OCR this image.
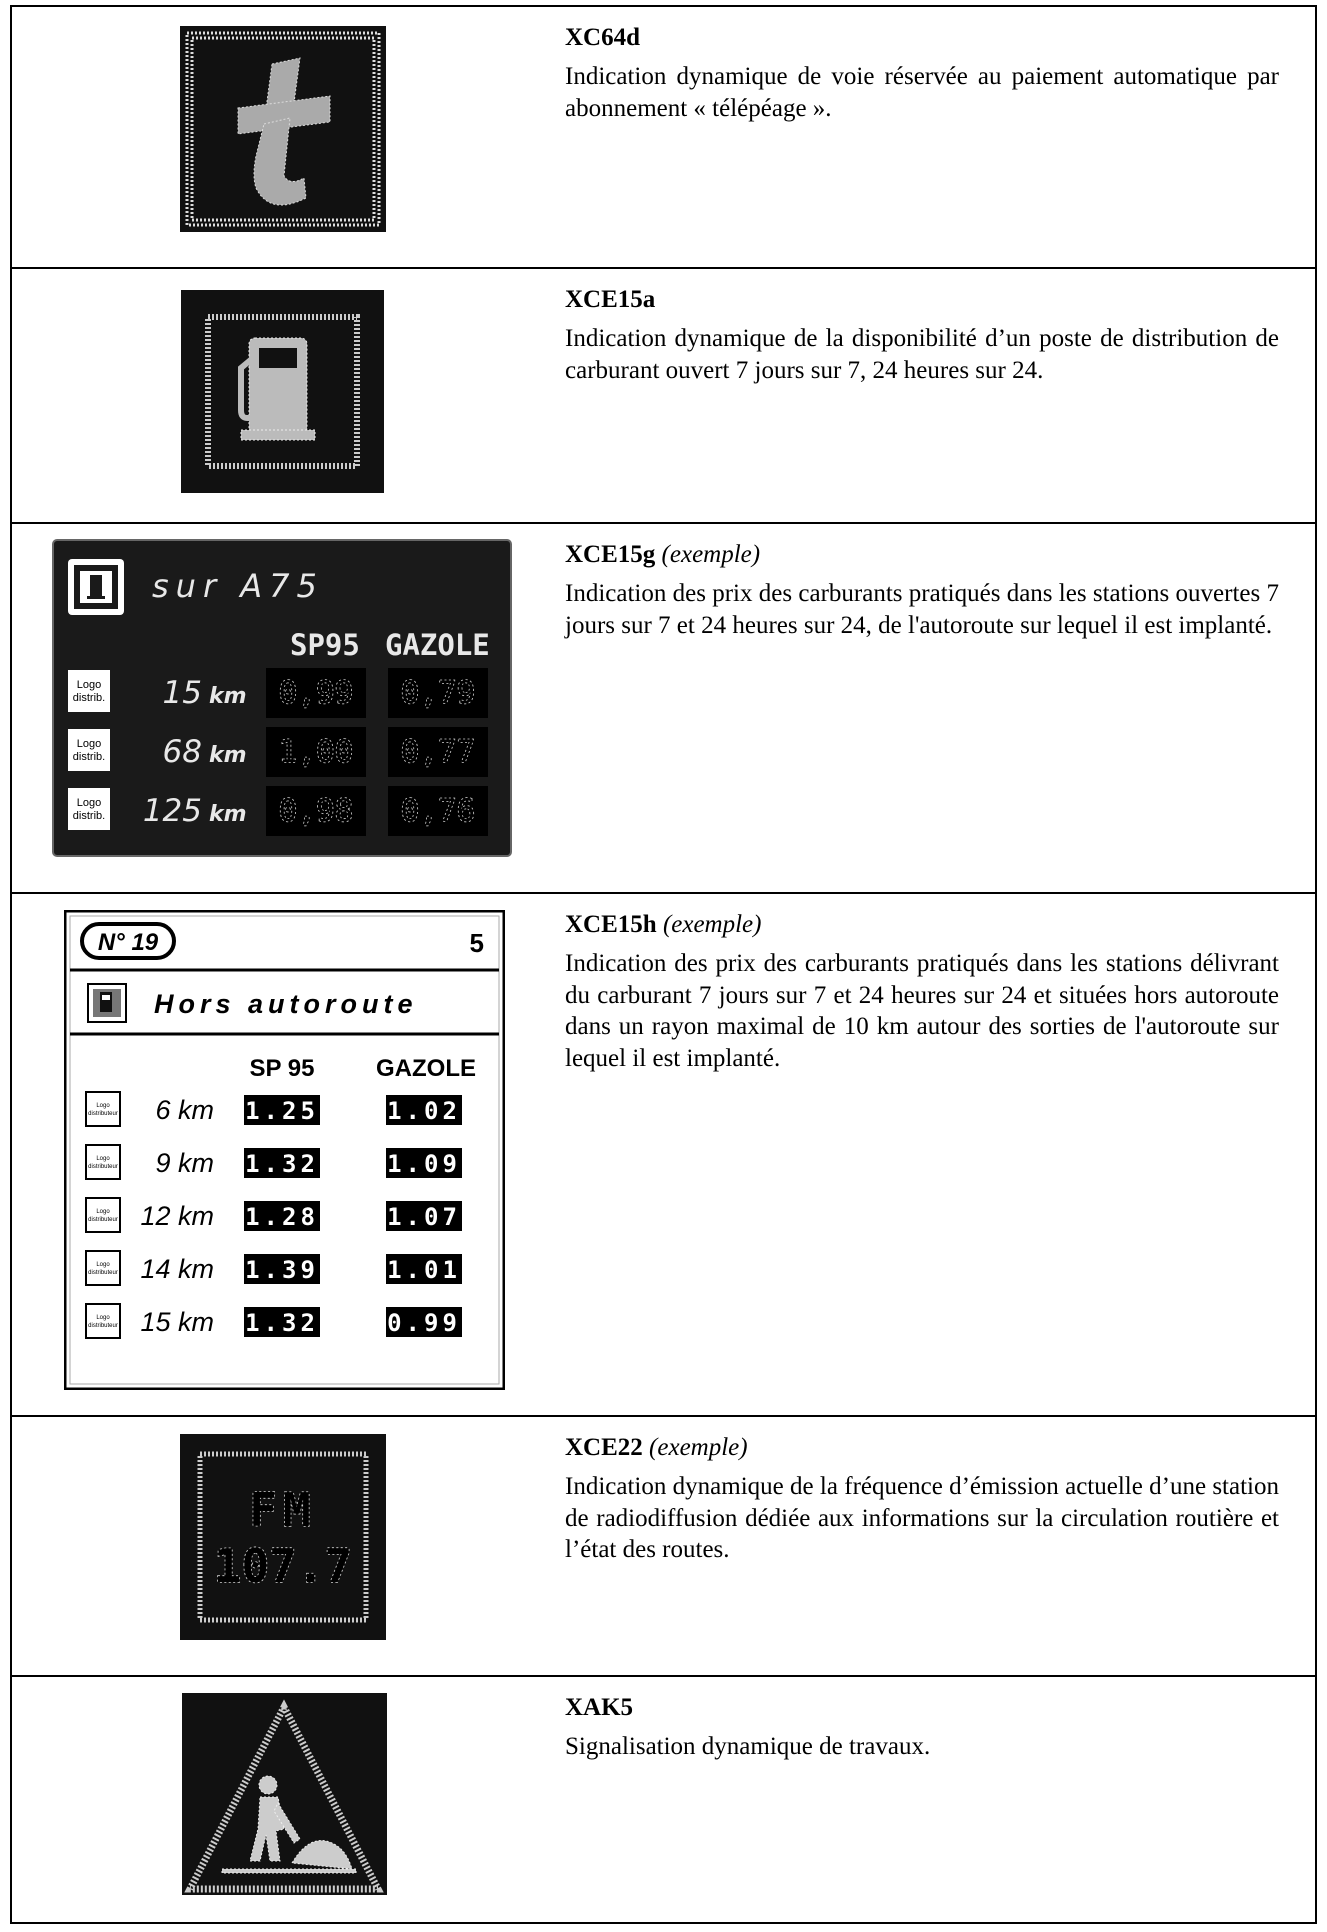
XC64d
Indication dynamique de voie réservée au paiement automatique par abonnement « télépéage ».
XCE15a
Indication dynamique de la disponibilité d’un poste de distribution de carburant ouvert 7 jours sur 7, 24 heures sur 24.
sur A75
SP95 GAZOLE
Logo distrib. 15 km 0,99 0,79
Logo distrib. 68 km 1,00 0,77
Logo distrib. 125 km 0,98 0,76
XCE15g (exemple)
Indication des prix des carburants pratiqués dans les stations ouvertes 7 jours sur 7 et 24 heures sur 24, de l'autoroute sur lequel il est implanté.
N° 19	5
Hors autoroute
SP 95	GAZOLE
Logo distributeur 6 km 1.25	1.02
Logo distributeur 9 km 1.32	1.09
Logo distributeur 12 km 1.28	1.07
Logo distributeur 14 km 1.39	1.01
Logo distributeur 15 km 1.32	0.99
XCE15h (exemple)
Indication des prix des carburants pratiqués dans les stations délivrant du carburant 7 jours sur 7 et 24 heures sur 24 et situées hors autoroute dans un rayon maximal de 10 km autour des sorties de l'autoroute sur lequel il est implanté.
FM
107.7
XCE22 (exemple)
Indication dynamique de la fréquence d’émission actuelle d’une station de radiodiffusion dédiée aux informations sur la circulation routière et l’état des routes.
XAK5
Signalisation dynamique de travaux.
